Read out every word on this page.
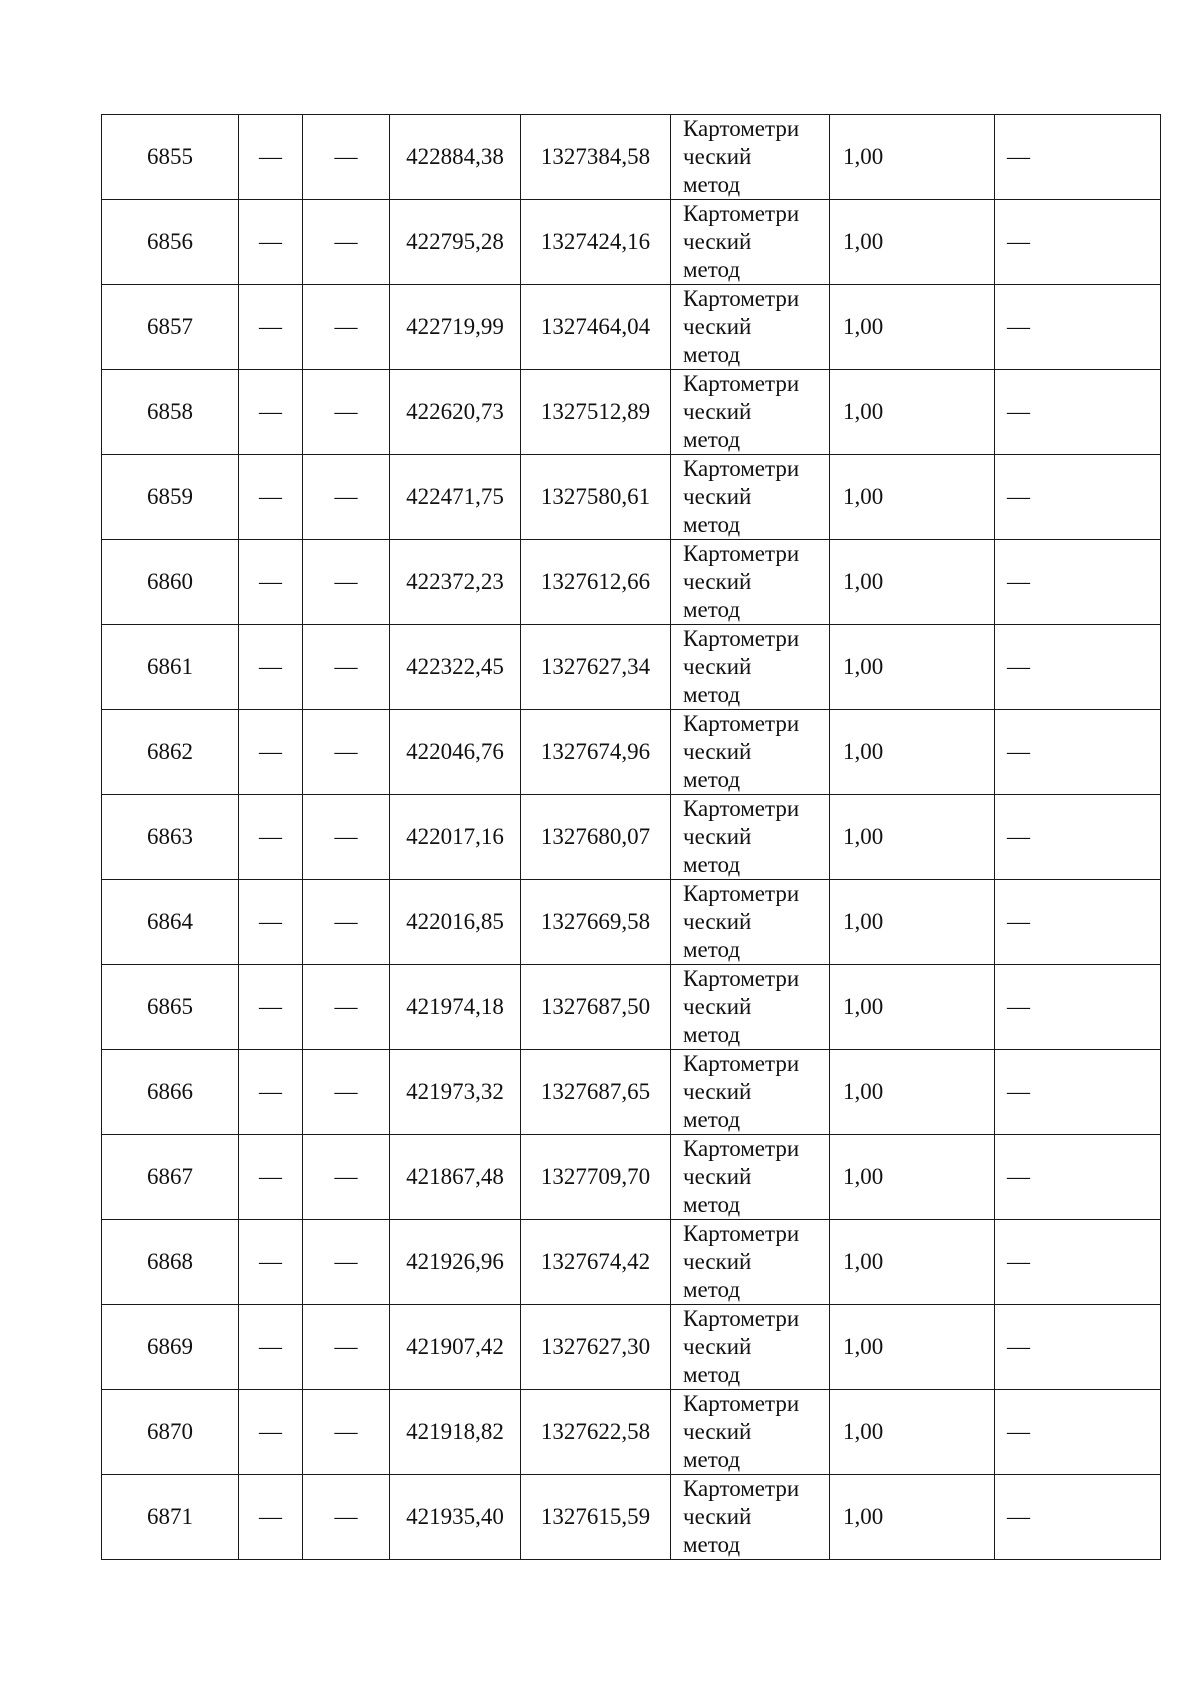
6855	—	—	422884,38	1327384,58	Картометри
ческий
метод	1,00	—
6856	—	—	422795,28	1327424,16	Картометри
ческий
метод	1,00	—
6857	—	—	422719,99	1327464,04	Картометри
ческий
метод	1,00	—
6858	—	—	422620,73	1327512,89	Картометри
ческий
метод	1,00	—
6859	—	—	422471,75	1327580,61	Картометри
ческий
метод	1,00	—
6860	—	—	422372,23	1327612,66	Картометри
ческий
метод	1,00	—
6861	—	—	422322,45	1327627,34	Картометри
ческий
метод	1,00	—
6862	—	—	422046,76	1327674,96	Картометри
ческий
метод	1,00	—
6863	—	—	422017,16	1327680,07	Картометри
ческий
метод	1,00	—
6864	—	—	422016,85	1327669,58	Картометри
ческий
метод	1,00	—
6865	—	—	421974,18	1327687,50	Картометри
ческий
метод	1,00	—
6866	—	—	421973,32	1327687,65	Картометри
ческий
метод	1,00	—
6867	—	—	421867,48	1327709,70	Картометри
ческий
метод	1,00	—
6868	—	—	421926,96	1327674,42	Картометри
ческий
метод	1,00	—
6869	—	—	421907,42	1327627,30	Картометри
ческий
метод	1,00	—
6870	—	—	421918,82	1327622,58	Картометри
ческий
метод	1,00	—
6871	—	—	421935,40	1327615,59	Картометри
ческий
метод	1,00	—
